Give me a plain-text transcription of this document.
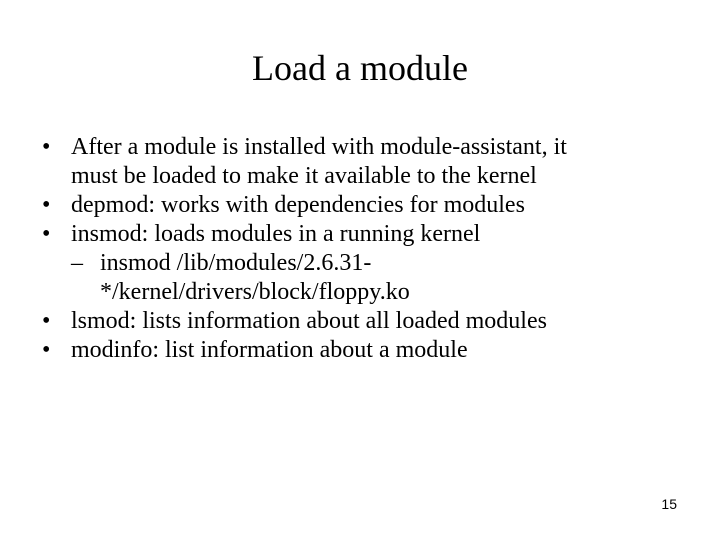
Load a module
• After a module is installed with module-assistant, it
must be loaded to make it available to the kernel
• depmod: works with dependencies for modules
• insmod: loads modules in a running kernel
– insmod /lib/modules/2.6.31-
*/kernel/drivers/block/floppy.ko
• lsmod: lists information about all loaded modules
• modinfo: list information about a module
15
